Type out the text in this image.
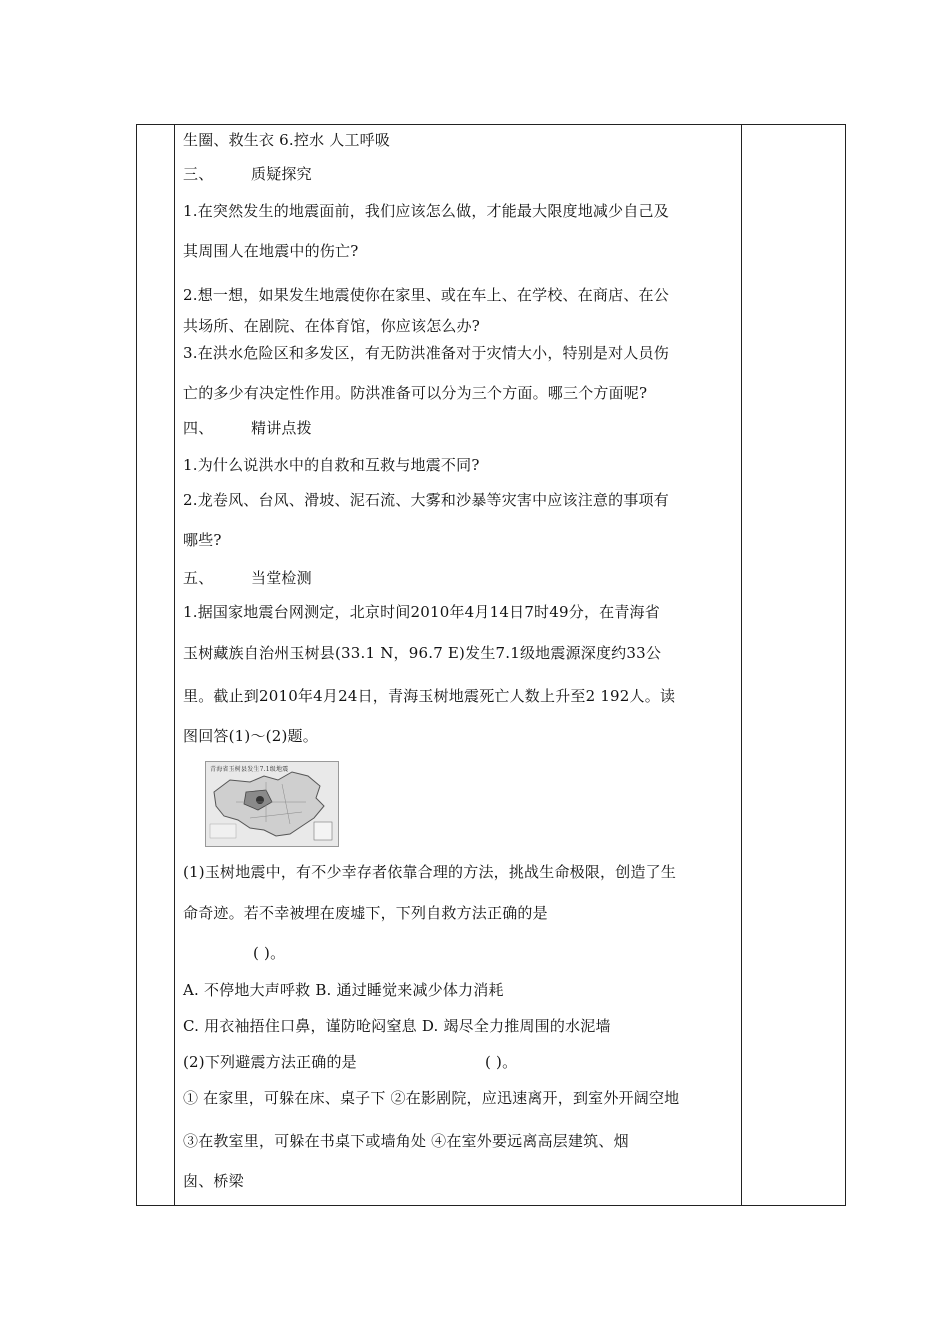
生圈、救生衣 6.控水 人工呼吸
三、	质疑探究
1.在突然发生的地震面前，我们应该怎么做，才能最大限度地减少自己及
其周围人在地震中的伤亡?
2.想一想，如果发生地震使你在家里、或在车上、在学校、在商店、在公
共场所、在剧院、在体育馆，你应该怎么办?
3.在洪水危险区和多发区，有无防洪准备对于灾情大小，特别是对人员伤
亡的多少有决定性作用。防洪准备可以分为三个方面。哪三个方面呢?
四、	精讲点拨
1.为什么说洪水中的自救和互救与地震不同?
2.龙卷风、台风、滑坡、泥石流、大雾和沙暴等灾害中应该注意的事项有
哪些?
五、	当堂检测
1.据国家地震台网测定，北京时间2010年4月14日7时49分，在青海省
玉树藏族自治州玉树县(33.1 N，96.7 E)发生7.1级地震源深度约33公
里。截止到2010年4月24日，青海玉树地震死亡人数上升至2 192人。读
图回答(1)～(2)题。
青海省玉树县发生7.1级地震
(1)玉树地震中，有不少幸存者依靠合理的方法，挑战生命极限，创造了生
命奇迹。若不幸被埋在废墟下，下列自救方法正确的是
( )。
A. 不停地大声呼救 B. 通过睡觉来减少体力消耗
C. 用衣袖捂住口鼻，谨防呛闷窒息 D. 竭尽全力推周围的水泥墙
(2)下列避震方法正确的是	( )。
① 在家里，可躲在床、桌子下 ②在影剧院，应迅速离开，到室外开阔空地
③在教室里，可躲在书桌下或墙角处 ④在室外要远离高层建筑、烟
囱、桥梁
